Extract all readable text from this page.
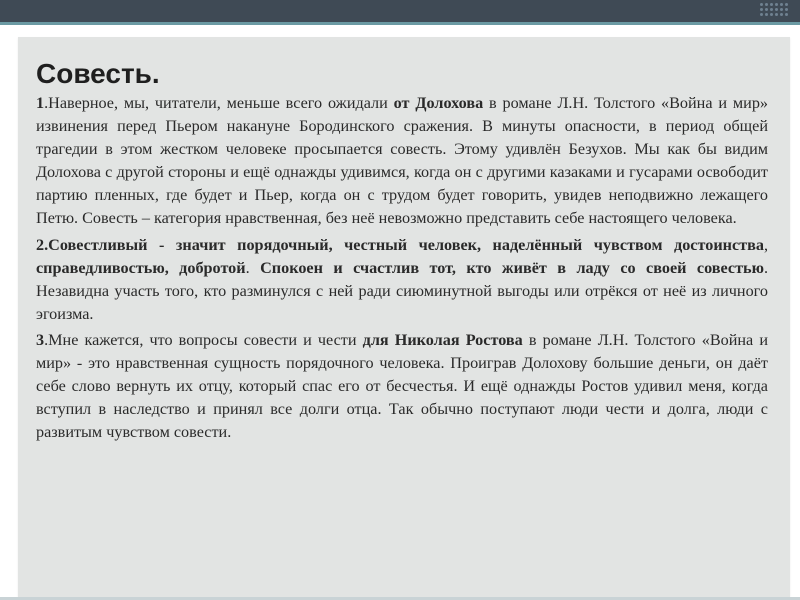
Совесть.

1.Наверное, мы, читатели, меньше всего ожидали от Долохова в романе Л.Н. Толстого «Война и мир» извинения перед Пьером накануне Бородинского сражения. В минуты опасности, в период общей трагедии в этом жестком человеке просыпается совесть. Этому удивлён Безухов. Мы как бы видим Долохова с другой стороны и ещё однажды удивимся, когда он с другими казаками и гусарами освободит партию пленных, где будет и Пьер, когда он с трудом будет говорить, увидев неподвижно лежащего Петю. Совесть – категория нравственная, без неё невозможно представить себе настоящего человека.

2.Совестливый - значит порядочный, честный человек, наделённый чувством достоинства, справедливостью, добротой. Спокоен и счастлив тот, кто живёт в ладу со своей совестью. Незавидна участь того, кто разминулся с ней ради сиюминутной выгоды или отрёкся от неё из личного эгоизма.

3.Мне кажется, что вопросы совести и чести для Николая Ростова в романе Л.Н. Толстого «Война и мир» - это нравственная сущность порядочного человека. Проиграв Долохову большие деньги, он даёт себе слово вернуть их отцу, который спас его от бесчестья. И ещё однажды Ростов удивил меня, когда вступил в наследство и принял все долги отца. Так обычно поступают люди чести и долга, люди с развитым чувством совести.
